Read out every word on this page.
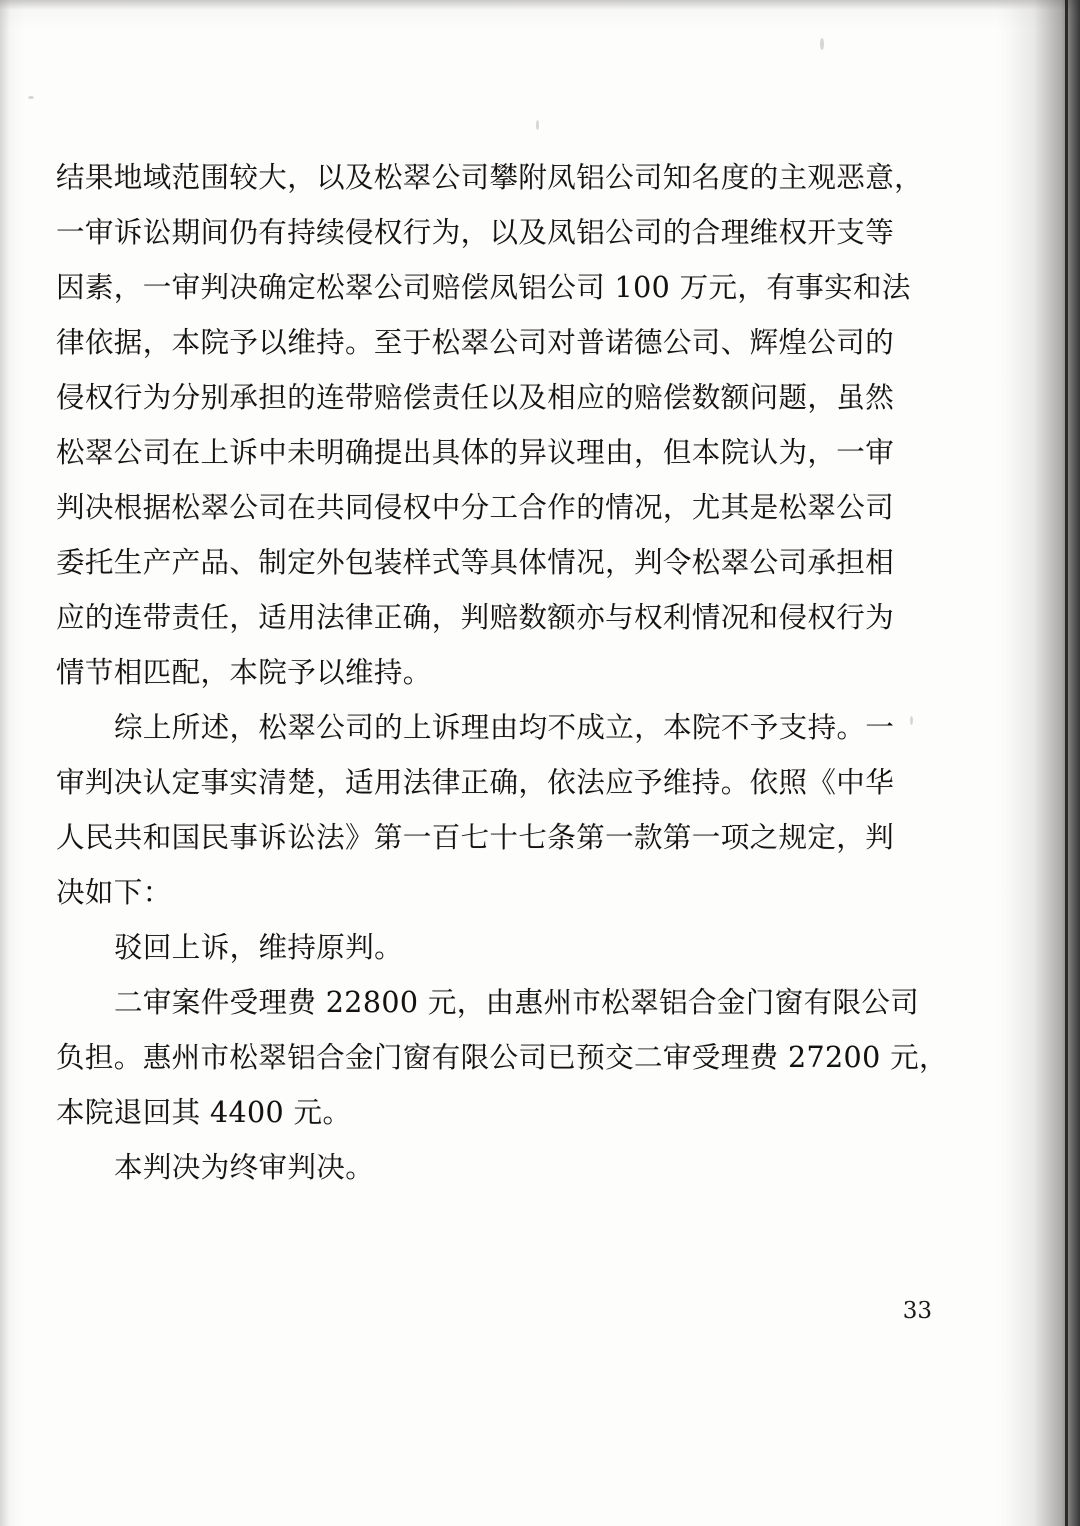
结果地域范围较大，以及松翠公司攀附凤铝公司知名度的主观恶意，

一审诉讼期间仍有持续侵权行为，以及凤铝公司的合理维权开支等

因素，一审判决确定松翠公司赔偿凤铝公司 100 万元，有事实和法

律依据，本院予以维持。至于松翠公司对普诺德公司、辉煌公司的

侵权行为分别承担的连带赔偿责任以及相应的赔偿数额问题，虽然

松翠公司在上诉中未明确提出具体的异议理由，但本院认为，一审

判决根据松翠公司在共同侵权中分工合作的情况，尤其是松翠公司

委托生产产品、制定外包装样式等具体情况，判令松翠公司承担相

应的连带责任，适用法律正确，判赔数额亦与权利情况和侵权行为

情节相匹配，本院予以维持。

综上所述，松翠公司的上诉理由均不成立，本院不予支持。一

审判决认定事实清楚，适用法律正确，依法应予维持。依照《中华

人民共和国民事诉讼法》第一百七十七条第一款第一项之规定，判

决如下：

驳回上诉，维持原判。

二审案件受理费 22800 元，由惠州市松翠铝合金门窗有限公司

负担。惠州市松翠铝合金门窗有限公司已预交二审受理费 27200 元，

本院退回其 4400 元。

本判决为终审判决。

33
